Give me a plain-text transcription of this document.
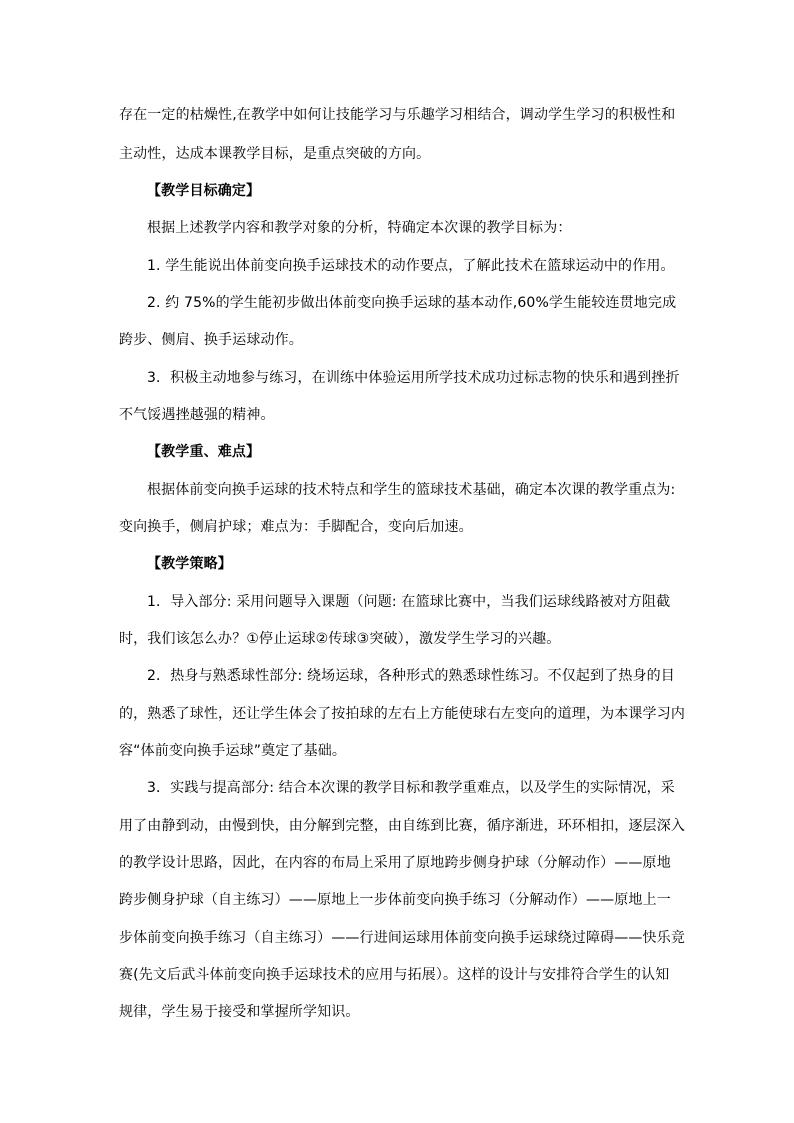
存在一定的枯燥性,在教学中如何让技能学习与乐趣学习相结合，调动学生学习的积极性和
主动性，达成本课教学目标，是重点突破的方向。
【教学目标确定】
根据上述教学内容和教学对象的分析，特确定本次课的教学目标为：
1. 学生能说出体前变向换手运球技术的动作要点，了解此技术在篮球运动中的作用。
2. 约 75%的学生能初步做出体前变向换手运球的基本动作,60%学生能较连贯地完成
跨步、侧肩、换手运球动作。
3．积极主动地参与练习，在训练中体验运用所学技术成功过标志物的快乐和遇到挫折
不气馁遇挫越强的精神。
【教学重、难点】
根据体前变向换手运球的技术特点和学生的篮球技术基础，确定本次课的教学重点为:
变向换手，侧肩护球；难点为：手脚配合，变向后加速。
【教学策略】
1．导入部分: 采用问题导入课题（问题: 在篮球比赛中，当我们运球线路被对方阻截
时，我们该怎么办？①停止运球②传球③突破），激发学生学习的兴趣。
2．热身与熟悉球性部分: 绕场运球，各种形式的熟悉球性练习。不仅起到了热身的目
的，熟悉了球性，还让学生体会了按拍球的左右上方能使球右左变向的道理，为本课学习内
容“体前变向换手运球”奠定了基础。
3．实践与提高部分: 结合本次课的教学目标和教学重难点，以及学生的实际情况，采
用了由静到动，由慢到快，由分解到完整，由自练到比赛，循序渐进，环环相扣，逐层深入
的教学设计思路，因此，在内容的布局上采用了原地跨步侧身护球（分解动作）——原地
跨步侧身护球（自主练习）——原地上一步体前变向换手练习（分解动作）——原地上一
步体前变向换手练习（自主练习）——行进间运球用体前变向换手运球绕过障碍——快乐竞
赛(先文后武斗体前变向换手运球技术的应用与拓展）。这样的设计与安排符合学生的认知
规律，学生易于接受和掌握所学知识。
